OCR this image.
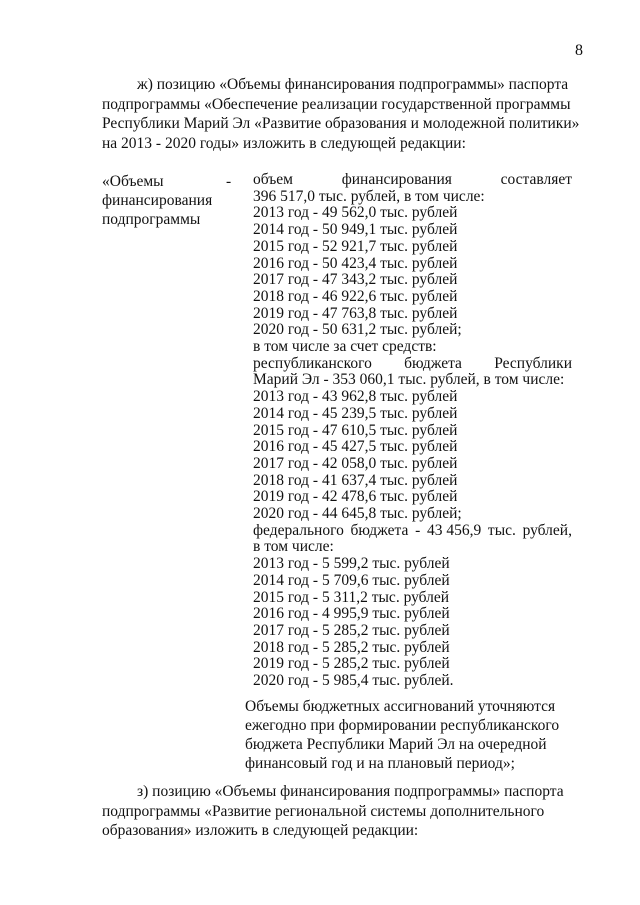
8
ж) позицию «Объемы финансирования подпрограммы» паспорта
подпрограммы «Обеспечение реализации государственной программы
Республики Марий Эл «Развитие образования и молодежной политики»
на 2013 - 2020 годы» изложить в следующей редакции:
«Объемы
финансирования
подпрограммы
- объем	финансирования	составляет
396 517,0 тыс. рублей, в том числе:
2013 год - 49 562,0 тыс. рублей
2014 год - 50 949,1 тыс. рублей
2015 год - 52 921,7 тыс. рублей
2016 год - 50 423,4 тыс. рублей
2017 год - 47 343,2 тыс. рублей
2018 год - 46 922,6 тыс. рублей
2019 год - 47 763,8 тыс. рублей
2020 год - 50 631,2 тыс. рублей;
в том числе за счет средств:
республиканского бюджета Республики
Марий Эл - 353 060,1 тыс. рублей, в том числе:
2013 год - 43 962,8 тыс. рублей
2014 год - 45 239,5 тыс. рублей
2015 год - 47 610,5 тыс. рублей
2016 год - 45 427,5 тыс. рублей
2017 год - 42 058,0 тыс. рублей
2018 год - 41 637,4 тыс. рублей
2019 год - 42 478,6 тыс. рублей
2020 год - 44 645,8 тыс. рублей;
федерального бюджета - 43 456,9 тыс. рублей,
в том числе:
2013 год - 5 599,2 тыс. рублей
2014 год - 5 709,6 тыс. рублей
2015 год - 5 311,2 тыс. рублей
2016 год - 4 995,9 тыс. рублей
2017 год - 5 285,2 тыс. рублей
2018 год - 5 285,2 тыс. рублей
2019 год - 5 285,2 тыс. рублей
2020 год - 5 985,4 тыс. рублей.
Объемы бюджетных ассигнований уточняются
ежегодно при формировании республиканского
бюджета Республики Марий Эл на очередной
финансовый год и на плановый период»;
з) позицию «Объемы финансирования подпрограммы» паспорта
подпрограммы «Развитие региональной системы дополнительного
образования» изложить в следующей редакции:
